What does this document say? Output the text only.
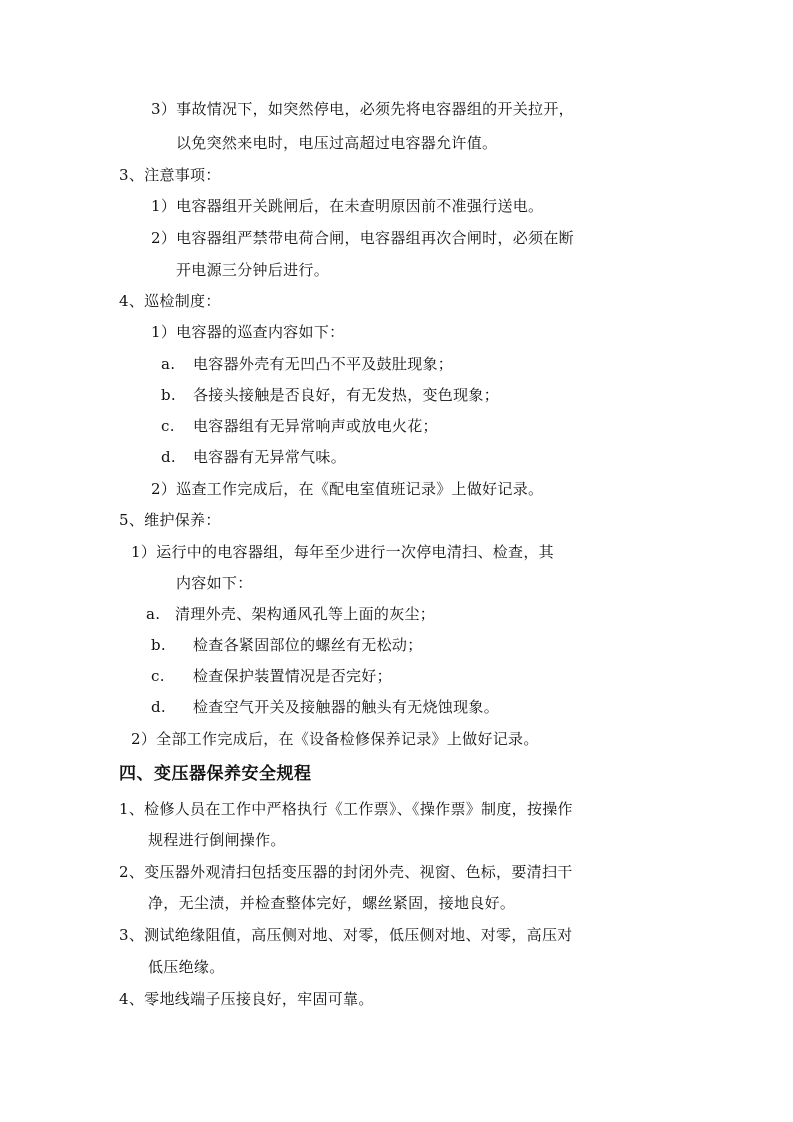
3）事故情况下，如突然停电，必须先将电容器组的开关拉开，
以免突然来电时，电压过高超过电容器允许值。
3、注意事项：
1）电容器组开关跳闸后，在未查明原因前不准强行送电。
2）电容器组严禁带电荷合闸，电容器组再次合闸时，必须在断
开电源三分钟后进行。
4、巡检制度：
1）电容器的巡查内容如下：
a. 电容器外壳有无凹凸不平及鼓肚现象；
b. 各接头接触是否良好，有无发热，变色现象；
c. 电容器组有无异常响声或放电火花；
d. 电容器有无异常气味。
2）巡查工作完成后，在《配电室值班记录》上做好记录。
5、维护保养：
1）运行中的电容器组，每年至少进行一次停电清扫、检查，其
内容如下：
a. 清理外壳、架构通风孔等上面的灰尘；
b. 检查各紧固部位的螺丝有无松动；
c. 检查保护装置情况是否完好；
d. 检查空气开关及接触器的触头有无烧蚀现象。
2）全部工作完成后，在《设备检修保养记录》上做好记录。
四、变压器保养安全规程
1、检修人员在工作中严格执行《工作票》、《操作票》制度，按操作
规程进行倒闸操作。
2、变压器外观清扫包括变压器的封闭外壳、视窗、色标，要清扫干
净，无尘渍，并检查整体完好，螺丝紧固，接地良好。
3、测试绝缘阻值，高压侧对地、对零，低压侧对地、对零，高压对
低压绝缘。
4、零地线端子压接良好，牢固可靠。
